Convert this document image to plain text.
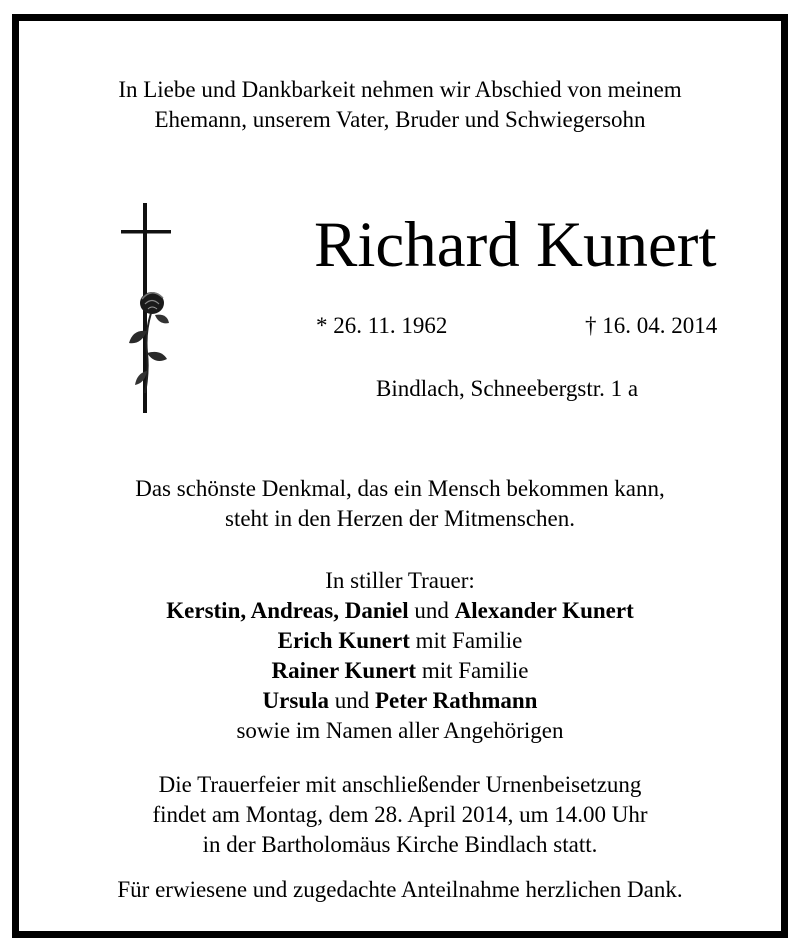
In Liebe und Dankbarkeit nehmen wir Abschied von meinem
Ehemann, unserem Vater, Bruder und Schwiegersohn
Richard Kunert
* 26. 11. 1962	† 16. 04. 2014
Bindlach, Schneebergstr. 1 a
Das schönste Denkmal, das ein Mensch bekommen kann,
steht in den Herzen der Mitmenschen.
In stiller Trauer:
Kerstin, Andreas, Daniel und Alexander Kunert
Erich Kunert mit Familie
Rainer Kunert mit Familie
Ursula und Peter Rathmann
sowie im Namen aller Angehörigen
Die Trauerfeier mit anschließender Urnenbeisetzung
findet am Montag, dem 28. April 2014, um 14.00 Uhr
in der Bartholomäus Kirche Bindlach statt.
Für erwiesene und zugedachte Anteilnahme herzlichen Dank.
